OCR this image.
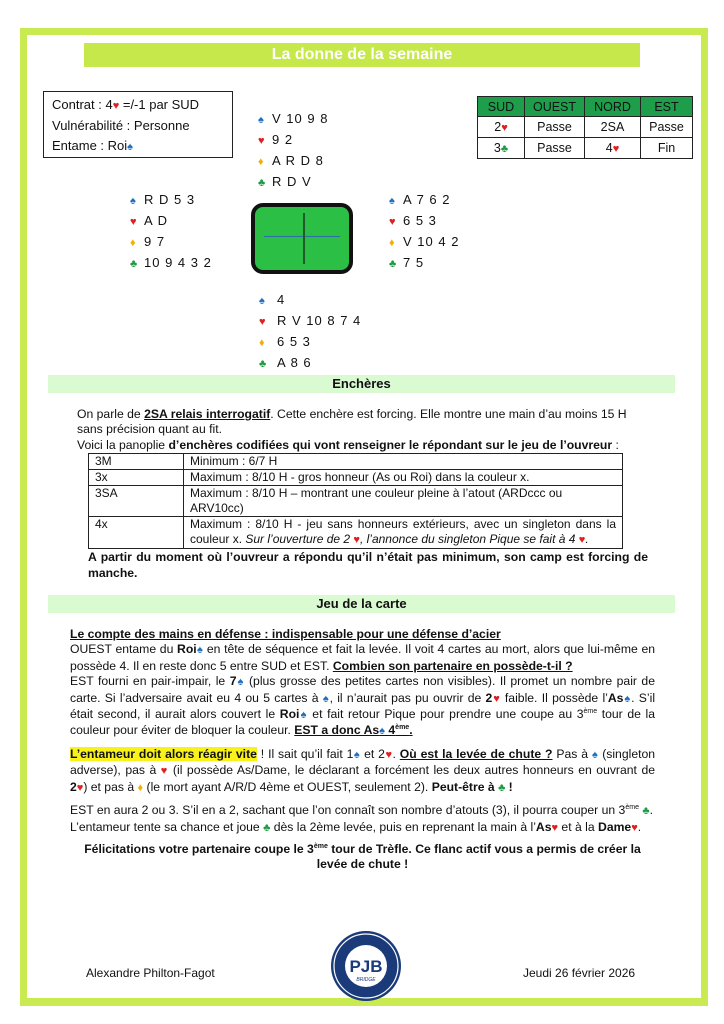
La donne de la semaine
Contrat : 4♥ =/-1 par SUD
Vulnérabilité : Personne
Entame : Roi♠
♠ V 10 9 8
♥ 9 2
♦ A R D 8
♣ R D V
♠ R D 5 3
♥ A D
♦ 9 7
♣ 10 9 4 3 2
♠ A 7 6 2
♥ 6 5 3
♦ V 10 4 2
♣ 7 5
♠ 4
♥ R V 10 8 7 4
♦ 6 5 3
♣ A 8 6
SUD	OUEST	NORD	EST
2♥	Passe	2SA	Passe
3♣	Passe	4♥	Fin
Enchères
On parle de 2SA relais interrogatif. Cette enchère est forcing. Elle montre une main d’au moins 15 H sans précision quant au fit.
Voici la panoplie d’enchères codifiées qui vont renseigner le répondant sur le jeu de l’ouvreur :
3M	Minimum : 6/7 H
3x	Maximum : 8/10 H - gros honneur (As ou Roi) dans la couleur x.
3SA	Maximum : 8/10 H – montrant une couleur pleine à l’atout (ARDccc ou ARV10cc)
4x	Maximum : 8/10 H - jeu sans honneurs extérieurs, avec un singleton dans la couleur x. Sur l’ouverture de 2 ♥, l’annonce du singleton Pique se fait à 4 ♥.
A partir du moment où l’ouvreur a répondu qu’il n’était pas minimum, son camp est forcing de manche.
Jeu de la carte
Le compte des mains en défense : indispensable pour une défense d’acier
OUEST entame du Roi♠ en tête de séquence et fait la levée. Il voit 4 cartes au mort, alors que lui-même en possède 4. Il en reste donc 5 entre SUD et EST. Combien son partenaire en possède-t-il ?
EST fourni en pair-impair, le 7♠ (plus grosse des petites cartes non visibles). Il promet un nombre pair de carte. Si l’adversaire avait eu 4 ou 5 cartes à ♠, il n’aurait pas pu ouvrir de 2♥ faible. Il possède l’As♠. S’il était second, il aurait alors couvert le Roi♠ et fait retour Pique pour prendre une coupe au 3ème tour de la couleur pour éviter de bloquer la couleur. EST a donc As♠ 4ème.
L’entameur doit alors réagir vite ! Il sait qu’il fait 1♠ et 2♥. Où est la levée de chute ? Pas à ♠ (singleton adverse), pas à ♥ (il possède As/Dame, le déclarant a forcément les deux autres honneurs en ouvrant de 2♥) et pas à ♦ (le mort ayant A/R/D 4ème et OUEST, seulement 2). Peut-être à ♣ !
EST en aura 2 ou 3. S’il en a 2, sachant que l’on connaît son nombre d’atouts (3), il pourra couper un 3ème ♣.
L’entameur tente sa chance et joue ♣ dès la 2ème levée, puis en reprenant la main à l’As♥ et à la Dame♥.
Félicitations votre partenaire coupe le 3ème tour de Trèfle. Ce flanc actif vous a permis de créer la levée de chute !
Alexandre Philton-Fagot	PJB
BRIDGE	Jeudi 26 février 2026
